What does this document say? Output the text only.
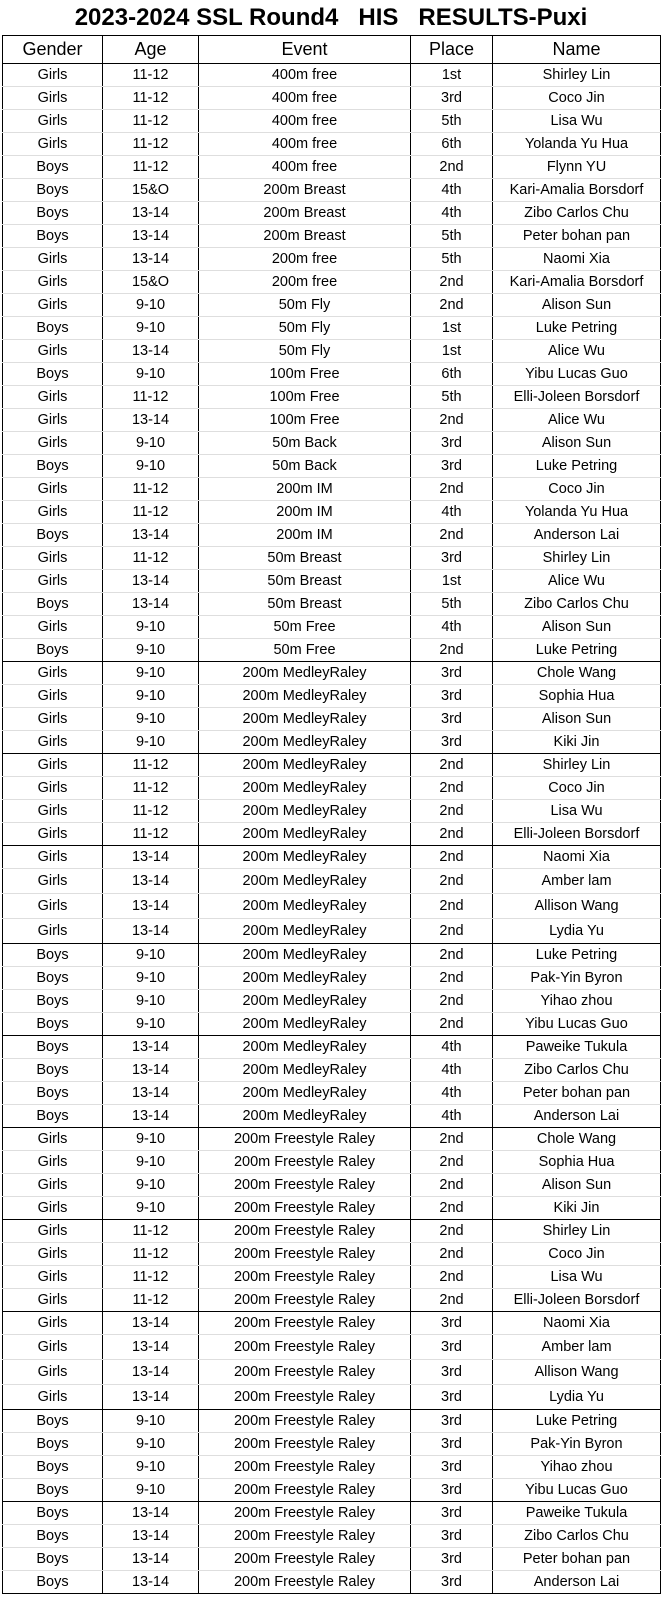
2023-2024 SSL Round4   HIS   RESULTS-Puxi
Gender	Age	Event	Place	Name
Girls	11-12	400m free	1st	Shirley Lin
Girls	11-12	400m free	3rd	Coco Jin
Girls	11-12	400m free	5th	Lisa Wu
Girls	11-12	400m free	6th	Yolanda Yu Hua
Boys	11-12	400m free	2nd	Flynn YU
Boys	15&O	200m Breast	4th	Kari-Amalia Borsdorf
Boys	13-14	200m Breast	4th	Zibo Carlos Chu
Boys	13-14	200m Breast	5th	Peter bohan pan
Girls	13-14	200m free	5th	Naomi Xia
Girls	15&O	200m free	2nd	Kari-Amalia Borsdorf
Girls	9-10	50m Fly	2nd	Alison Sun
Boys	9-10	50m Fly	1st	Luke Petring
Girls	13-14	50m Fly	1st	Alice Wu
Boys	9-10	100m Free	6th	Yibu Lucas Guo
Girls	11-12	100m Free	5th	Elli-Joleen Borsdorf
Girls	13-14	100m Free	2nd	Alice Wu
Girls	9-10	50m Back	3rd	Alison Sun
Boys	9-10	50m Back	3rd	Luke Petring
Girls	11-12	200m IM	2nd	Coco Jin
Girls	11-12	200m IM	4th	Yolanda Yu Hua
Boys	13-14	200m IM	2nd	Anderson Lai
Girls	11-12	50m Breast	3rd	Shirley Lin
Girls	13-14	50m Breast	1st	Alice Wu
Boys	13-14	50m Breast	5th	Zibo Carlos Chu
Girls	9-10	50m Free	4th	Alison Sun
Boys	9-10	50m Free	2nd	Luke Petring
Girls	9-10	200m MedleyRaley	3rd	Chole Wang
Girls	9-10	200m MedleyRaley	3rd	Sophia Hua
Girls	9-10	200m MedleyRaley	3rd	Alison Sun
Girls	9-10	200m MedleyRaley	3rd	Kiki Jin
Girls	11-12	200m MedleyRaley	2nd	Shirley Lin
Girls	11-12	200m MedleyRaley	2nd	Coco Jin
Girls	11-12	200m MedleyRaley	2nd	Lisa Wu
Girls	11-12	200m MedleyRaley	2nd	Elli-Joleen Borsdorf
Girls	13-14	200m MedleyRaley	2nd	Naomi Xia
Girls	13-14	200m MedleyRaley	2nd	Amber lam
Girls	13-14	200m MedleyRaley	2nd	Allison Wang
Girls	13-14	200m MedleyRaley	2nd	Lydia Yu
Boys	9-10	200m MedleyRaley	2nd	Luke Petring
Boys	9-10	200m MedleyRaley	2nd	Pak-Yin Byron
Boys	9-10	200m MedleyRaley	2nd	Yihao zhou
Boys	9-10	200m MedleyRaley	2nd	Yibu Lucas Guo
Boys	13-14	200m MedleyRaley	4th	Paweike Tukula
Boys	13-14	200m MedleyRaley	4th	Zibo Carlos Chu
Boys	13-14	200m MedleyRaley	4th	Peter bohan pan
Boys	13-14	200m MedleyRaley	4th	Anderson Lai
Girls	9-10	200m Freestyle Raley	2nd	Chole Wang
Girls	9-10	200m Freestyle Raley	2nd	Sophia Hua
Girls	9-10	200m Freestyle Raley	2nd	Alison Sun
Girls	9-10	200m Freestyle Raley	2nd	Kiki Jin
Girls	11-12	200m Freestyle Raley	2nd	Shirley Lin
Girls	11-12	200m Freestyle Raley	2nd	Coco Jin
Girls	11-12	200m Freestyle Raley	2nd	Lisa Wu
Girls	11-12	200m Freestyle Raley	2nd	Elli-Joleen Borsdorf
Girls	13-14	200m Freestyle Raley	3rd	Naomi Xia
Girls	13-14	200m Freestyle Raley	3rd	Amber lam
Girls	13-14	200m Freestyle Raley	3rd	Allison Wang
Girls	13-14	200m Freestyle Raley	3rd	Lydia Yu
Boys	9-10	200m Freestyle Raley	3rd	Luke Petring
Boys	9-10	200m Freestyle Raley	3rd	Pak-Yin Byron
Boys	9-10	200m Freestyle Raley	3rd	Yihao zhou
Boys	9-10	200m Freestyle Raley	3rd	Yibu Lucas Guo
Boys	13-14	200m Freestyle Raley	3rd	Paweike Tukula
Boys	13-14	200m Freestyle Raley	3rd	Zibo Carlos Chu
Boys	13-14	200m Freestyle Raley	3rd	Peter bohan pan
Boys	13-14	200m Freestyle Raley	3rd	Anderson Lai
